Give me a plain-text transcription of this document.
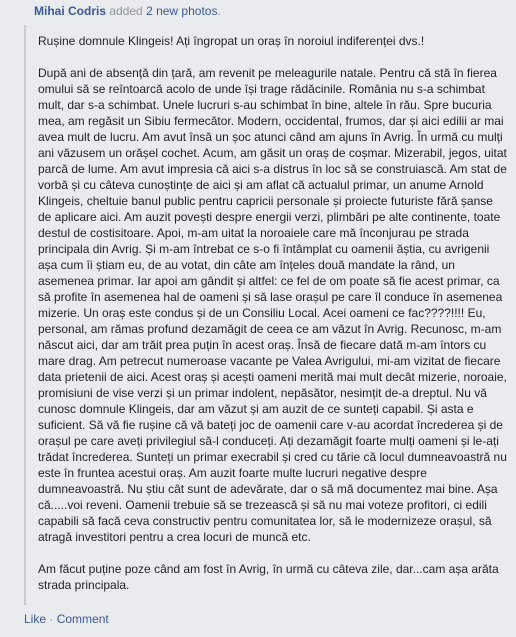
Mihai Codris added 2 new photos.

Rușine domnule Klingeis! Ați îngropat un oraș în noroiul indiferenței dvs.!

După ani de absență din țară, am revenit pe meleagurile natale. Pentru că stă în fierea omului să se reîntoarcă acolo de unde își trage rădăcinile. România nu s-a schimbat mult, dar s-a schimbat. Unele lucruri s-au schimbat în bine, altele în rău. Spre bucuria mea, am regăsit un Sibiu fermecător. Modern, occidental, frumos, dar și aici edilii ar mai avea mult de lucru. Am avut însă un șoc atunci când am ajuns în Avrig. În urmă cu mulți ani văzusem un orășel cochet. Acum, am găsit un oraș de coșmar. Mizerabil, jegos, uitat parcă de lume. Am avut impresia că aici s-a distrus în loc să se construiască. Am stat de vorbă și cu câteva cunoștințe de aici și am aflat că actualul primar, un anume Arnold Klingeis, cheltuie banul public pentru capricii personale și proiecte futuriste fără șanse de aplicare aici. Am auzit povești despre energii verzi, plimbări pe alte continente, toate destul de costisitoare. Apoi, m-am uitat la noroaiele care mă înconjurau pe strada principala din Avrig. Și m-am întrebat ce s-o fi întâmplat cu oamenii ăștia, cu avrigenii așa cum îi știam eu, de au votat, din câte am înțeles două mandate la rând, un asemenea primar. Iar apoi am gândit și altfel: ce fel de om poate să fie acest primar, ca să profite în asemenea hal de oameni și să lase orașul pe care îl conduce în asemenea mizerie. Un oraș este condus și de un Consiliu Local. Acei oameni ce fac????!!!! Eu, personal, am rămas profund dezamăgit de ceea ce am văzut în Avrig. Recunosc, m-am născut aici, dar am trăit prea puțin în acest oraș. Însă de fiecare dată m-am întors cu mare drag. Am petrecut numeroase vacante pe Valea Avrigului, mi-am vizitat de fiecare data prietenii de aici. Acest oraș și acești oameni merită mai mult decât mizerie, noroaie, promisiuni de vise verzi și un primar indolent, nepăsător, nesimțit de-a dreptul. Nu vă cunosc domnule Klingeis, dar am văzut și am auzit de ce sunteți capabil. Și asta e suficient. Să vă fie rușine că vă bateți joc de oamenii care v-au acordat încrederea și de orașul pe care aveți privilegiul să-l conduceți. Ați dezamăgit foarte mulți oameni și le-ați trădat încrederea. Sunteți un primar execrabil și cred cu tărie că locul dumneavoastră nu este în fruntea acestui oraș. Am auzit foarte multe lucruri negative despre dumneavoastră. Nu știu cât sunt de adevărate, dar o să mă documentez mai bine. Așa că.....voi reveni. Oamenii trebuie să se trezească și să nu mai voteze profitori, ci edili capabili să facă ceva constructiv pentru comunitatea lor, să le modernizeze orașul, să atragă investitori pentru a crea locuri de muncă etc.

Am făcut puține poze când am fost în Avrig, în urmă cu câteva zile, dar...cam așa arăta strada principala.

Like · Comment
